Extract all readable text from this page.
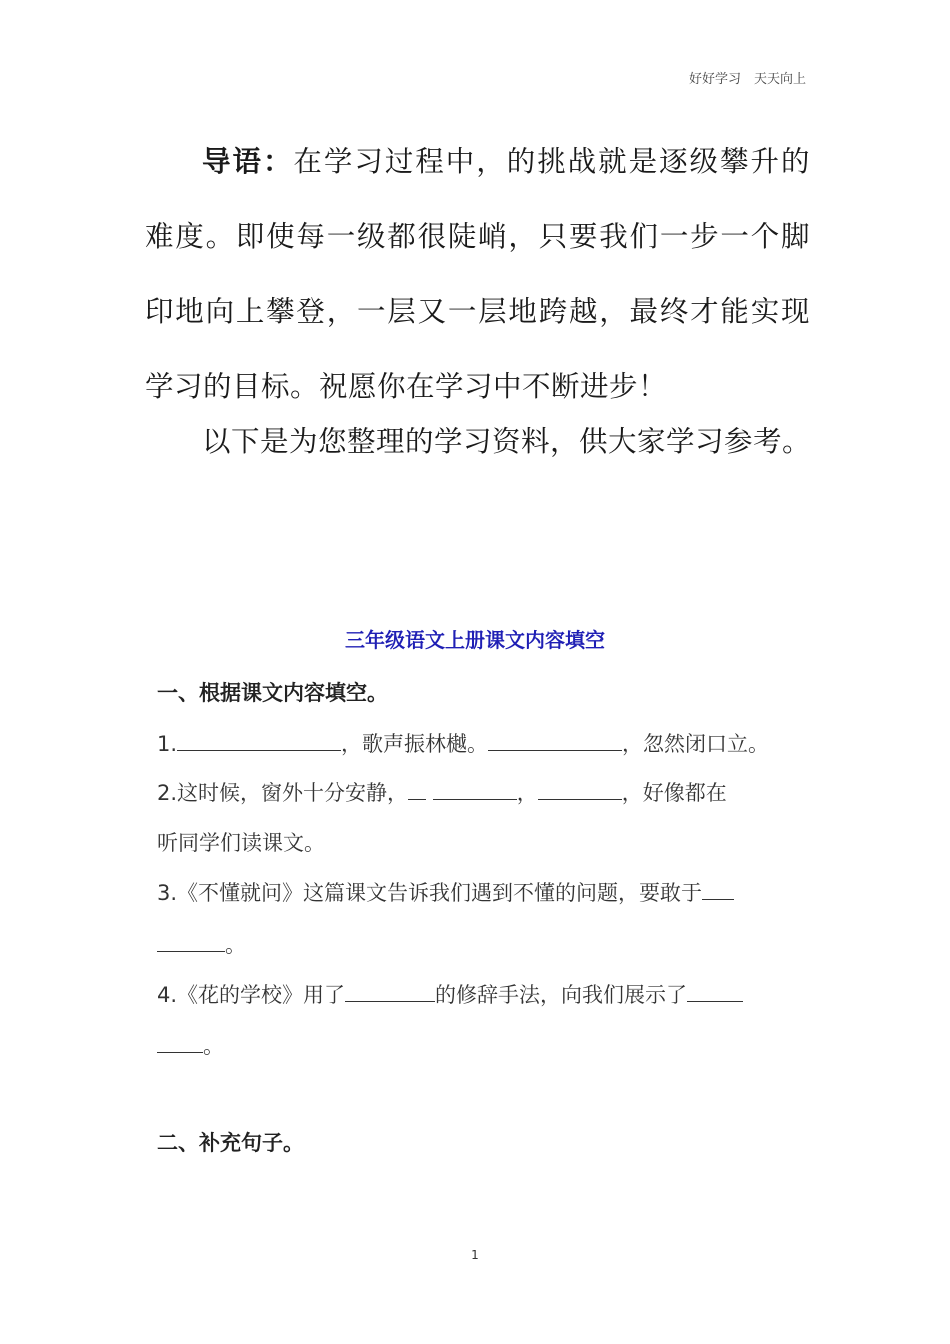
好好学习　天天向上

导语：在学习过程中，的挑战就是逐级攀升的难度。即使每一级都很陡峭，只要我们一步一个脚印地向上攀登，一层又一层地跨越，最终才能实现学习的目标。祝愿你在学习中不断进步！

以下是为您整理的学习资料，供大家学习参考。
三年级语文上册课文内容填空
一、根据课文内容填空。
1.	，歌声振林樾。	，忽然闭口立。
2.这时候，窗外十分安静，	，	，好像都在
听同学们读课文。
3.《不懂就问》这篇课文告诉我们遇到不懂的问题，要敢于
。
4.《花的学校》用了	的修辞手法，向我们展示了
。
二、补充句子。
1
